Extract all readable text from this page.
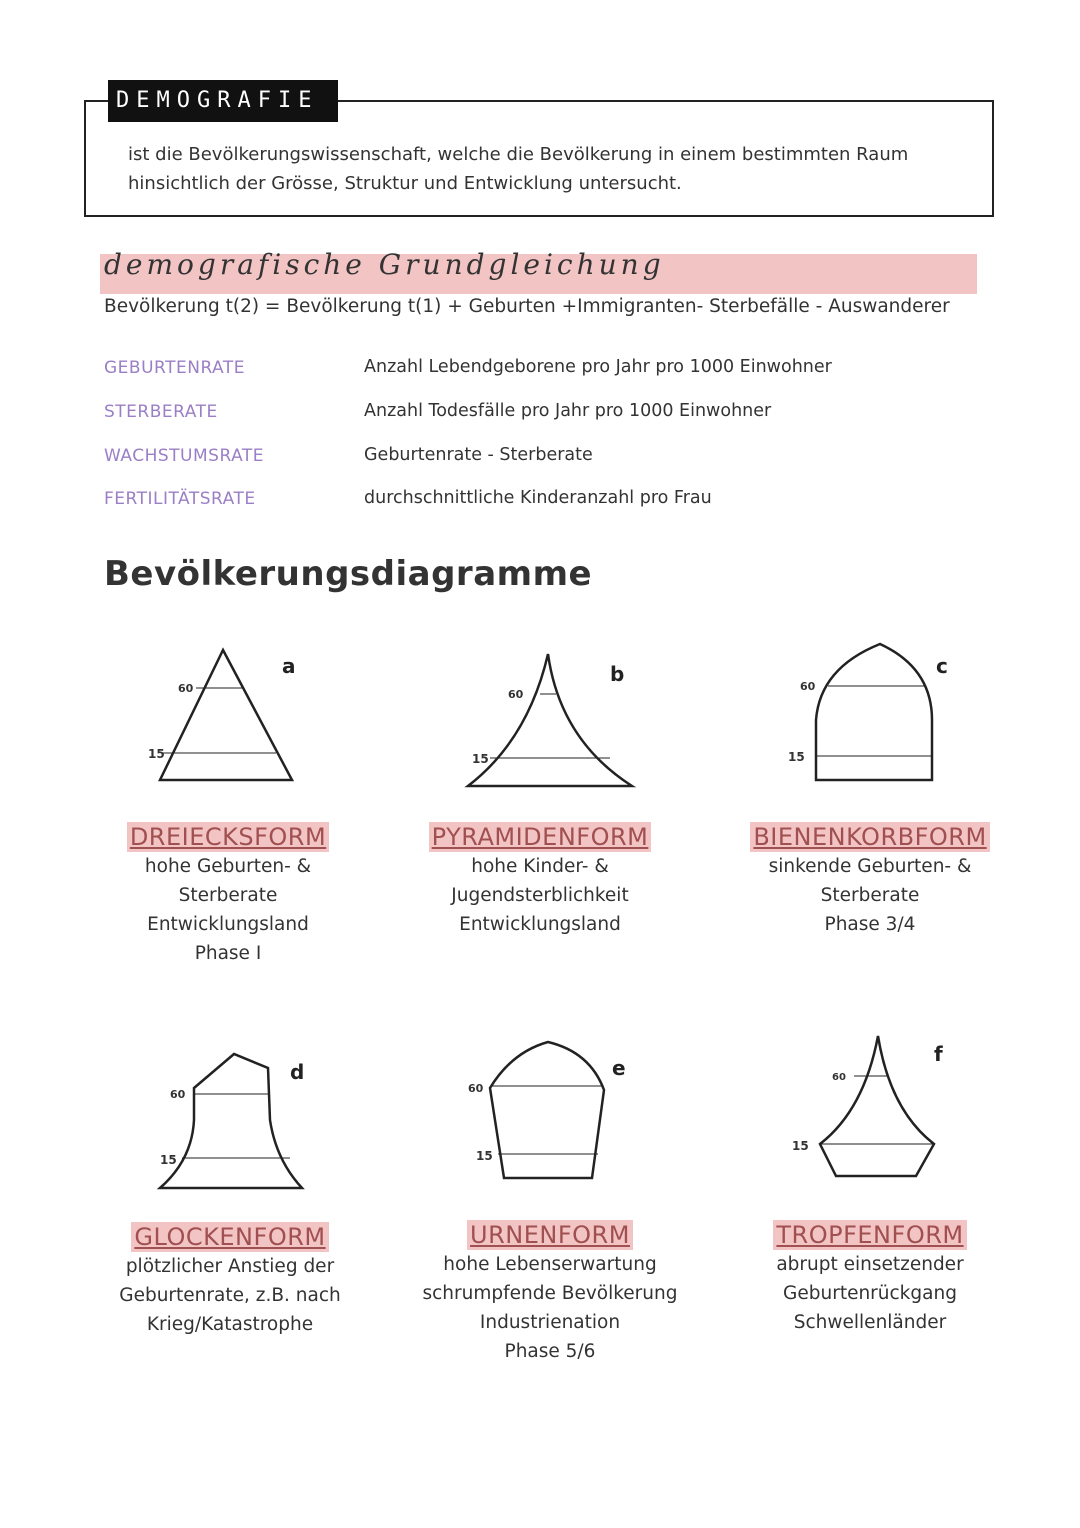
DEMOGRAFIE
ist die Bevölkerungswissenschaft, welche die Bevölkerung in einem bestimmten Raum hinsichtlich der Grösse, Struktur und Entwicklung untersucht.
demografische Grundgleichung
Bevölkerung t(2) = Bevölkerung t(1) + Geburten +Immigranten- Sterbefälle - Auswanderer
GEBURTENRATE	Anzahl Lebendgeborene pro Jahr pro 1000 Einwohner
STERBERATE	Anzahl Todesfälle pro Jahr pro 1000 Einwohner
WACHSTUMSRATE	Geburtenrate - Sterberate
FERTILITÄTSRATE	durchschnittliche Kinderanzahl pro Frau
Bevölkerungsdiagramme
60
15
a
DREIECKSFORM
hohe Geburten- &
Sterberate
Entwicklungsland
Phase I
60
15
b
PYRAMIDENFORM
hohe Kinder- &
Jugendsterblichkeit
Entwicklungsland
60
15
c
BIENENKORBFORM
sinkende Geburten- &
Sterberate
Phase 3/4
60
15
d
GLOCKENFORM
plötzlicher Anstieg der
Geburtenrate, z.B. nach
Krieg/Katastrophe
60
15
e
URNENFORM
hohe Lebenserwartung
schrumpfende Bevölkerung
Industrienation
Phase 5/6
60
15
f
TROPFENFORM
abrupt einsetzender
Geburtenrückgang
Schwellenländer
